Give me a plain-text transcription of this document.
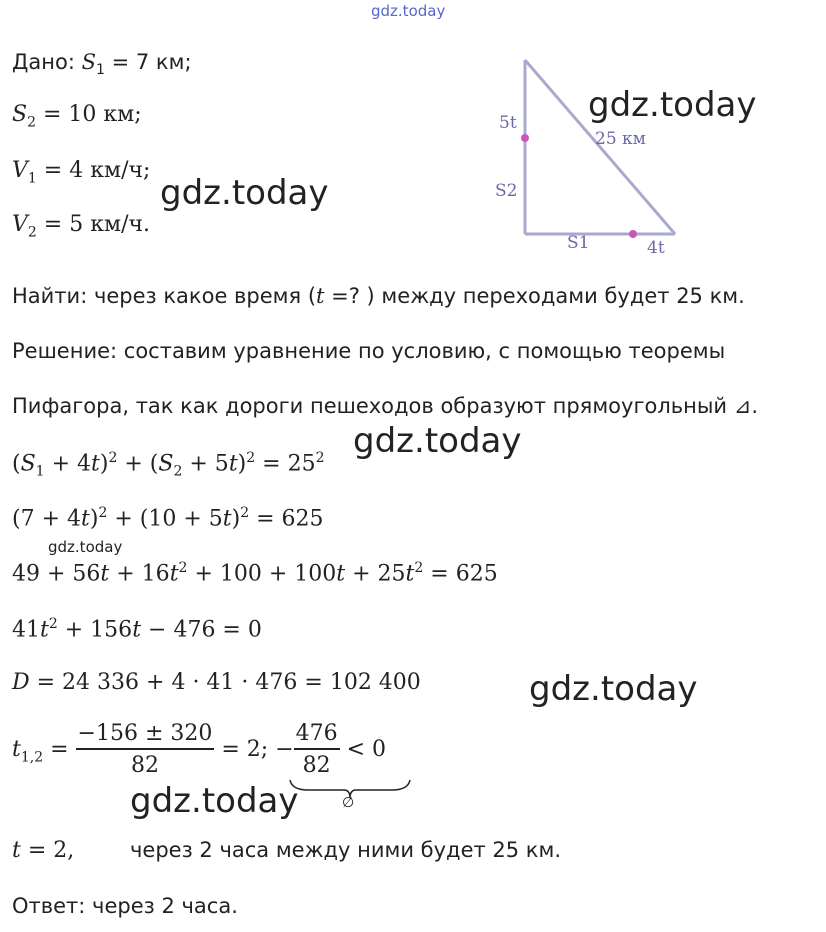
gdz.today
Дано: $S_1 = 7$ км;
$S_2 = 10$ км;
$V_1 = 4$ км/ч;
$V_2 = 5$ км/ч.
5t
S2
25 км
S1	4t
Найти: через какое время (t =? ) между переходами будет 25 км.
Решение: составим уравнение по условию, с помощью теоремы
Пифагора, так как дороги пешеходов образуют прямоугольный ⊿.
$(S_1 + 4t)^2 + (S_2 + 5t)^2 = 25^2$
$(7 + 4t)^2 + (10 + 5t)^2 = 625$
$49 + 56t + 16t^2 + 100 + 100t + 25t^2 = 625$
$41t^2 + 156t - 476 = 0$
D = 24 336 + 4 · 41 · 476 = 102 400
$t_{1,2} = \frac{-156 \pm 320}{82} = 2$; − $\frac{476}{82} < 0$
∅
t = 2,	через 2 часа между ними будет 25 км.
Ответ: через 2 часа.
gdz.today
gdz.today
gdz.today
gdz.today
gdz.today
gdz.today
